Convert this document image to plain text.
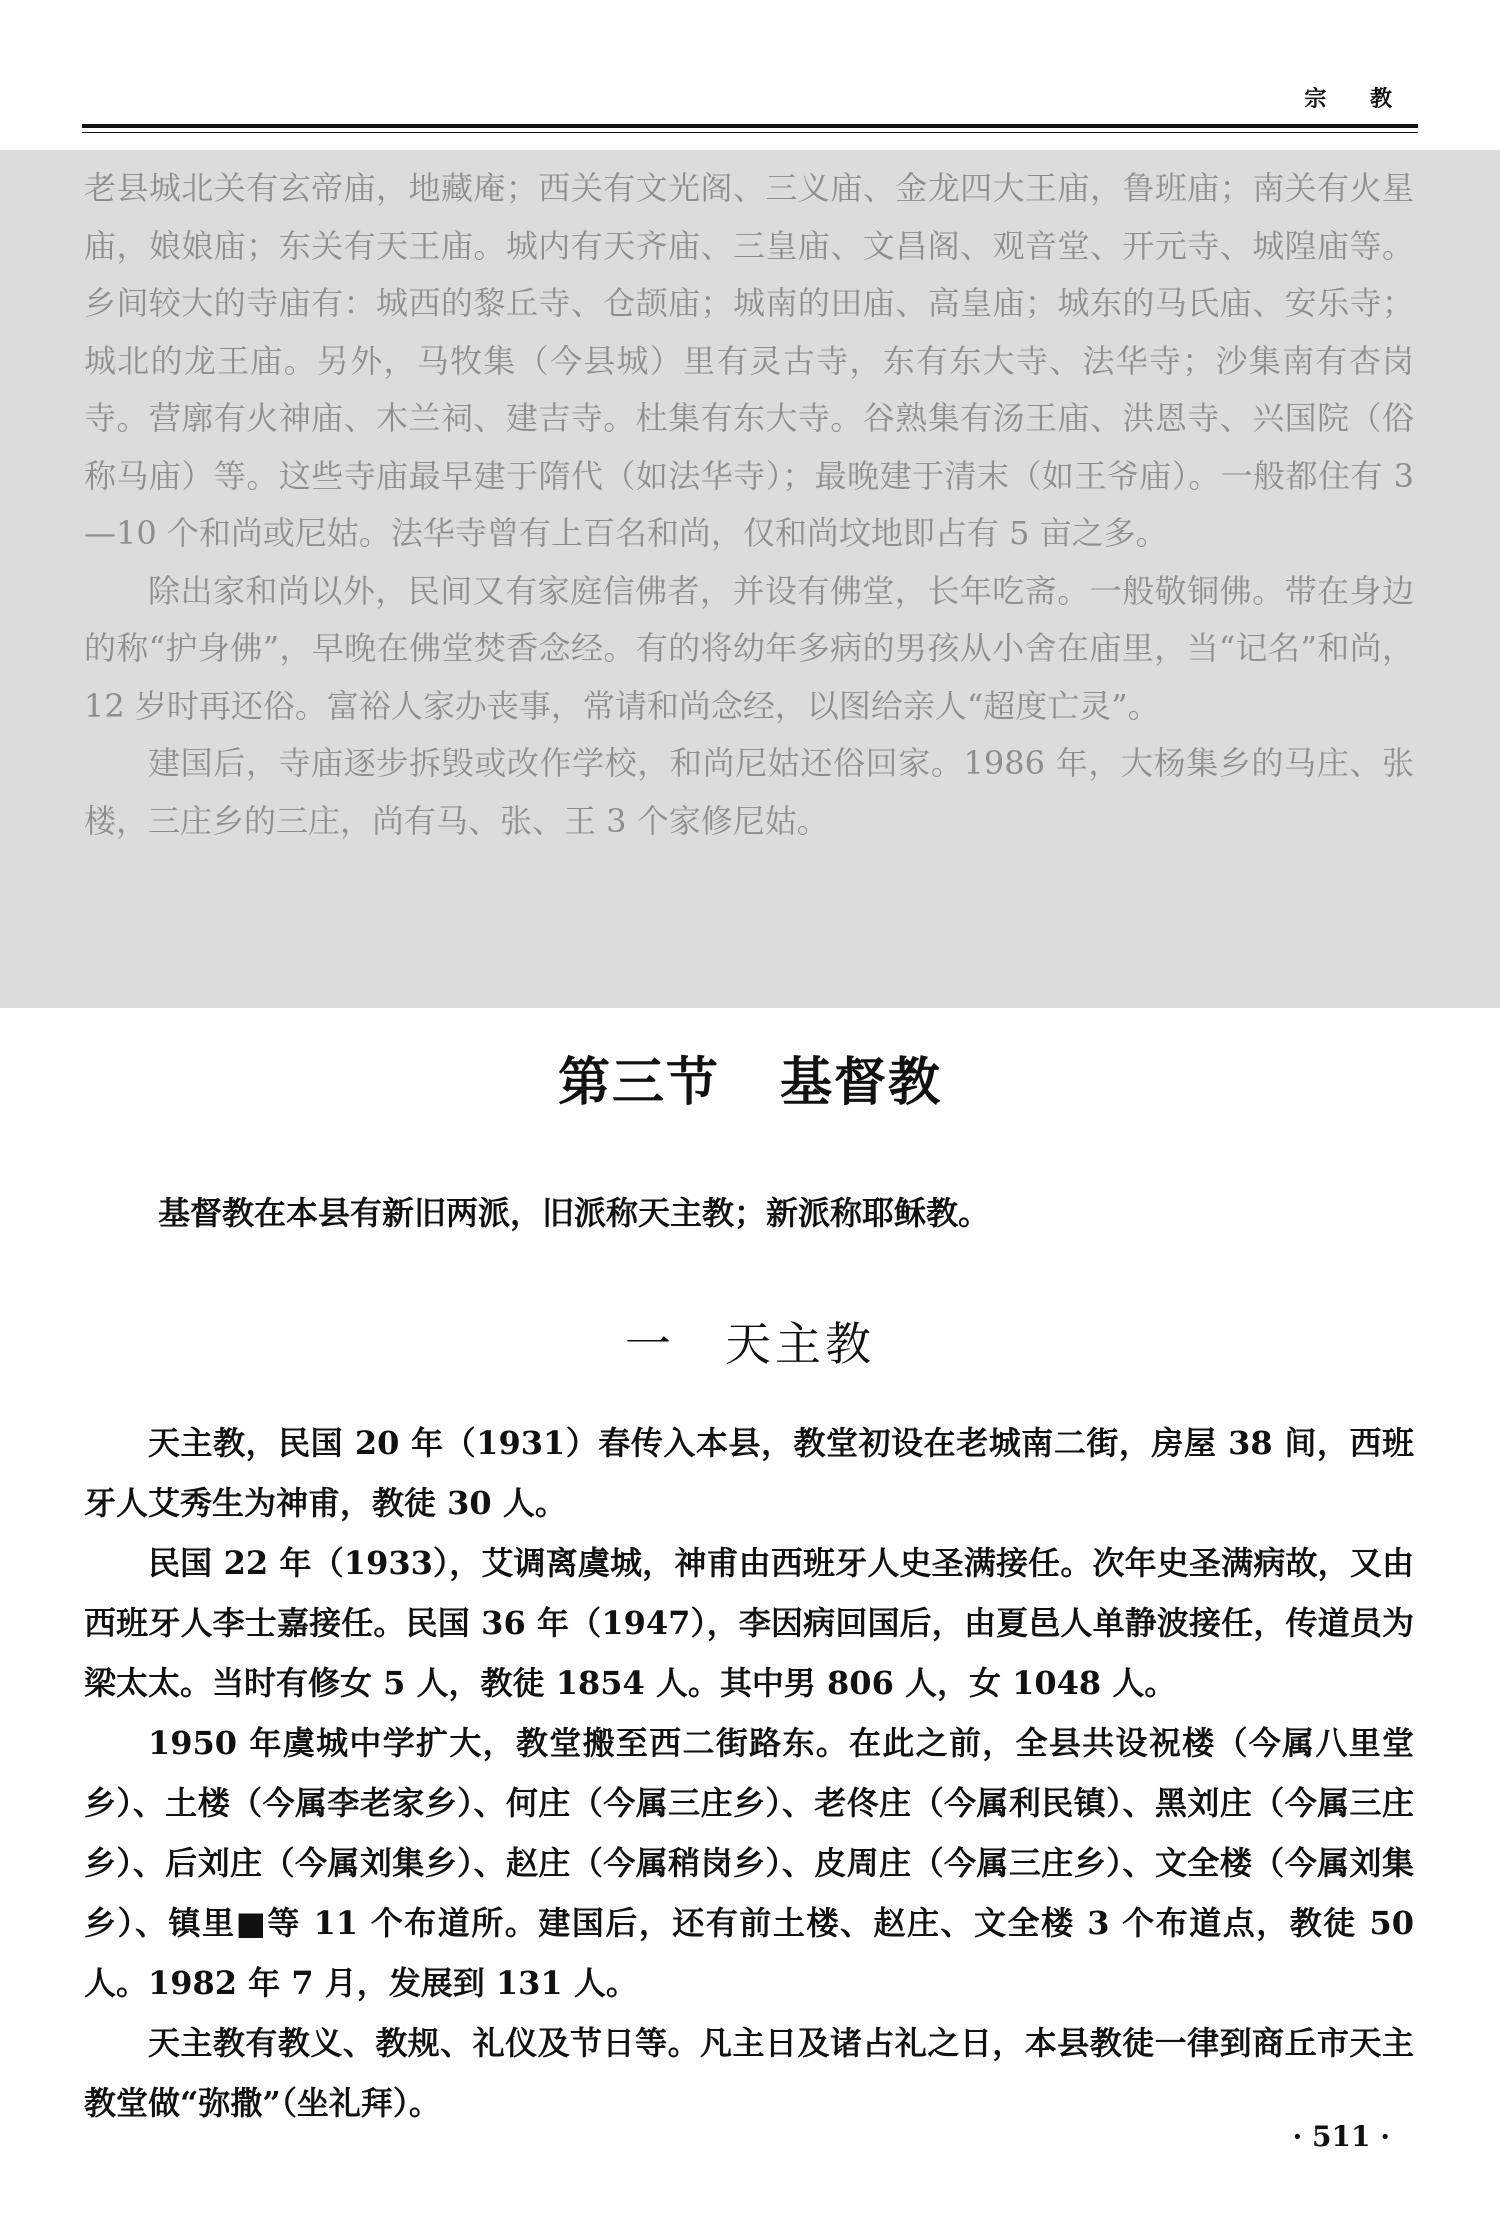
宗 教

老县城北关有玄帝庙，地藏庵；西关有文光阁、三义庙、金龙四大王庙，鲁班庙；南关有火星庙，娘娘庙；东关有天王庙。城内有天齐庙、三皇庙、文昌阁、观音堂、开元寺、城隍庙等。乡间较大的寺庙有：城西的黎丘寺、仓颉庙；城南的田庙、高皇庙；城东的马氏庙、安乐寺；城北的龙王庙。另外，马牧集（今县城）里有灵古寺，东有东大寺、法华寺；沙集南有杏岗寺。营廓有火神庙、木兰祠、建吉寺。杜集有东大寺。谷熟集有汤王庙、洪恩寺、兴国院（俗称马庙）等。这些寺庙最早建于隋代（如法华寺）；最晚建于清末（如王爷庙）。一般都住有 3—10 个和尚或尼姑。法华寺曾有上百名和尚，仅和尚坟地即占有 5 亩之多。

除出家和尚以外，民间又有家庭信佛者，并设有佛堂，长年吃斋。一般敬铜佛。带在身边的称“护身佛”，早晚在佛堂焚香念经。有的将幼年多病的男孩从小舍在庙里，当“记名”和尚，12 岁时再还俗。富裕人家办丧事，常请和尚念经，以图给亲人“超度亡灵”。

建国后，寺庙逐步拆毁或改作学校，和尚尼姑还俗回家。1986 年，大杨集乡的马庄、张楼，三庄乡的三庄，尚有马、张、王 3 个家修尼姑。

第三节 基督教
基督教在本县有新旧两派，旧派称天主教；新派称耶稣教。
一 天主教

天主教，民国 20 年（1931）春传入本县，教堂初设在老城南二街，房屋 38 间，西班牙人艾秀生为神甫，教徒 30 人。

民国 22 年（1933），艾调离虞城，神甫由西班牙人史圣满接任。次年史圣满病故，又由西班牙人李士嘉接任。民国 36 年（1947），李因病回国后，由夏邑人单静波接任，传道员为梁太太。当时有修女 5 人，教徒 1854 人。其中男 806 人，女 1048 人。

1950 年虞城中学扩大，教堂搬至西二街路东。在此之前，全县共设祝楼（今属八里堂乡）、土楼（今属李老家乡）、何庄（今属三庄乡）、老佟庄（今属利民镇）、黑刘庄（今属三庄乡）、后刘庄（今属刘集乡）、赵庄（今属稍岗乡）、皮周庄（今属三庄乡）、文全楼（今属刘集乡）、镇里■等 11 个布道所。建国后，还有前土楼、赵庄、文全楼 3 个布道点，教徒 50 人。1982 年 7 月，发展到 131 人。

天主教有教义、教规、礼仪及节日等。凡主日及诸占礼之日，本县教徒一律到商丘市天主教堂做“弥撒”（坐礼拜）。

· 511 ·
